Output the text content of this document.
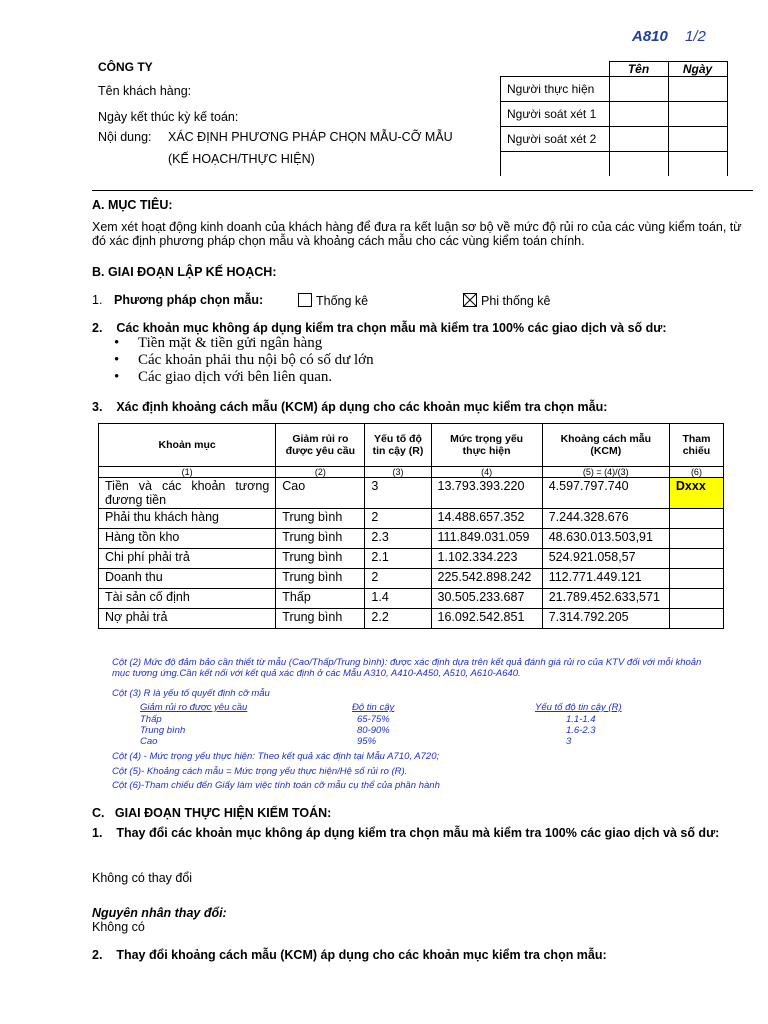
A810 1/2
CÔNG TY
Tên khách hàng:
Ngày kết thúc kỳ kế toán:
Nội dung: XÁC ĐỊNH PHƯƠNG PHÁP CHỌN MẪU-CỠ MẪU
(KẾ HOẠCH/THỰC HIỆN)
	Tên	Ngày
Người thực hiện		
Người soát xét 1		
Người soát xét 2		

A. MỤC TIÊU:
Xem xét hoạt động kinh doanh của khách hàng để đưa ra kết luận sơ bộ về mức độ rủi ro của các vùng kiểm toán, từ đó xác định phương pháp chọn mẫu và khoảng cách mẫu cho các vùng kiểm toán chính.
B. GIAI ĐOẠN LẬP KẾ HOẠCH:
1. Phương pháp chọn mẫu:	Thống kê	Phi thống kê
2.    Các khoản mục không áp dụng kiểm tra chọn mẫu mà kiểm tra 100% các giao dịch và số dư:
• Tiền mặt & tiền gửi ngân hàng
• Các khoản phải thu nội bộ có số dư lớn
• Các giao dịch với bên liên quan.
3.    Xác định khoảng cách mẫu (KCM) áp dụng cho các khoản mục kiểm tra chọn mẫu:
Khoản mục	Giảm rủi ro được yêu cầu	Yếu tố độ tin cậy (R)	Mức trọng yếu thực hiện	Khoảng cách mẫu (KCM)	Tham chiếu
(1)	(2)	(3)	(4)	(5) = (4)/(3)	(6)
Tiền và các khoản tương đương tiền	Cao	3	13.793.393.220	4.597.797.740	Dxxx
Phải thu khách hàng	Trung bình	2	14.488.657.352	7.244.328.676	
Hàng tồn kho	Trung bình	2.3	111.849.031.059	48.630.013.503,91	
Chi phí phải trả	Trung bình	2.1	1.102.334.223	524.921.058,57	
Doanh thu	Trung bình	2	225.542.898.242	112.771.449.121	
Tài sản cố định	Thấp	1.4	30.505.233.687	21.789.452.633,571	
Nợ phải trả	Trung bình	2.2	16.092.542.851	7.314.792.205	
Cột (2) Mức độ đảm bảo cần thiết từ mẫu (Cao/Thấp/Trung bình): được xác định dựa trên kết quả đánh giá rủi ro của KTV đối với mỗi khoản mục tương ứng.Cần kết nối với kết quả xác định ở các Mẫu A310, A410-A450, A510, A610-A640.
Cột (3) R là yếu tố quyết định cỡ mẫu
Giảm rủi ro được yêu cầu	Độ tin cậy	Yếu tố độ tin cậy (R)
Thấp	65-75%	1.1-1.4
Trung bình	80-90%	1.6-2.3
Cao	95%	3
Cột (4) - Mức trọng yếu thực hiện: Theo kết quả xác định tại Mẫu A710, A720;
Cột (5)- Khoảng cách mẫu = Mức trọng yếu thực hiện/Hệ số rủi ro (R).
Cột (6)-Tham chiếu đến Giấy làm việc tính toán cỡ mẫu cụ thể của phần hành
C.   GIAI ĐOẠN THỰC HIỆN KIỂM TOÁN:
1.    Thay đổi các khoản mục không áp dụng kiểm tra chọn mẫu mà kiểm tra 100% các giao dịch và số dư:
Không có thay đổi
Nguyên nhân thay đổi:
Không có
2.    Thay đổi khoảng cách mẫu (KCM) áp dụng cho các khoản mục kiểm tra chọn mẫu:
